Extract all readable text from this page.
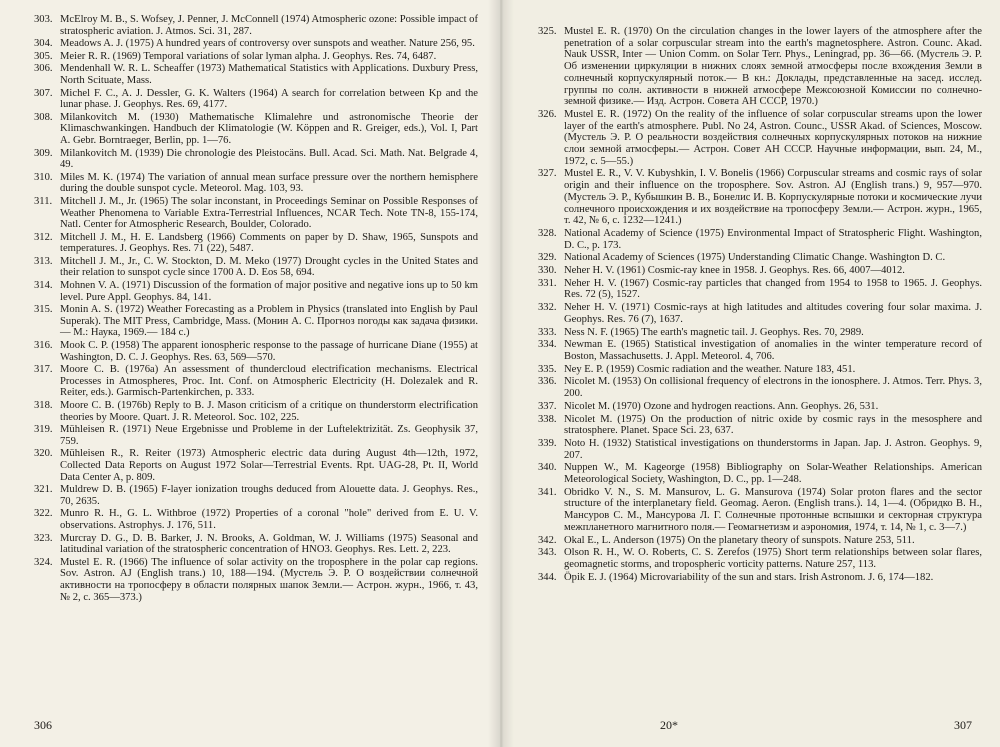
303. McElroy M. B., S. Wofsey, J. Penner, J. McConnell (1974) Atmospheric ozone: Possible impact of stratospheric aviation. J. Atmos. Sci. 31, 287.
304. Meadows A. J. (1975) A hundred years of controversy over sunspots and weather. Nature 256, 95.
305. Meier R. R. (1969) Temporal variations of solar lyman alpha. J. Geophys. Res. 74, 6487.
306. Mendenhall W. R. L. Scheaffer (1973) Mathematical Statistics with Applications. Duxbury Press, North Scituate, Mass.
307. Michel F. C., A. J. Dessler, G. K. Walters (1964) A search for correlation between Kp and the lunar phase. J. Geophys. Res. 69, 4177.
308. Milankovitch M. (1930) Mathematische Klimalehre und astronomische Theorie der Klimaschwankingen. Handbuch der Klimatologie (W. Köppen and R. Greiger, eds.), Vol. I, Part A. Gebr. Borntraeger, Berlin, pp. 1—76.
309. Milankovitch M. (1939) Die chronologie des Pleistocäns. Bull. Acad. Sci. Math. Nat. Belgrade 4, 49.
310. Miles M. K. (1974) The variation of annual mean surface pressure over the northern hemisphere during the double sunspot cycle. Meteorol. Mag. 103, 93.
311. Mitchell J. M., Jr. (1965) The solar inconstant, in Proceedings Seminar on Possible Responses of Weather Phenomena to Variable Extra-Terrestrial Influences, NCAR Tech. Note TN-8, 155-174, Natl. Center for Atmospheric Research, Boulder, Colorado.
312. Mitchell J. M., H. E. Landsberg (1966) Comments on paper by D. Shaw, 1965, Sunspots and temperatures. J. Geophys. Res. 71 (22), 5487.
313. Mitchell J. M., Jr., C. W. Stockton, D. M. Meko (1977) Drought cycles in the United States and their relation to sunspot cycle since 1700 A. D. Eos 58, 694.
314. Mohnen V. A. (1971) Discussion of the formation of major positive and negative ions up to 50 km level. Pure Appl. Geophys. 84, 141.
315. Monin A. S. (1972) Weather Forecasting as a Problem in Physics (translated into English by Paul Superak). The MIT Press, Cambridge, Mass. (Монин А. С. Прогноз погоды как задача физики.— М.: Наука, 1969.— 184 с.)
316. Mook C. P. (1958) The apparent ionospheric response to the passage of hurricane Diane (1955) at Washington, D. C. J. Geophys. Res. 63, 569—570.
317. Moore C. B. (1976a) An assessment of thundercloud electrification mechanisms. Electrical Processes in Atmospheres, Proc. Int. Conf. on Atmospheric Electricity (H. Dolezalek and R. Reiter, eds.). Garmisch-Partenkirchen, p. 333.
318. Moore C. B. (1976b) Reply to B. J. Mason criticism of a critique on thunderstorm electrification theories by Moore. Quart. J. R. Meteorol. Soc. 102, 225.
319. Mühleisen R. (1971) Neue Ergebnisse und Probleme in der Luftelektrizität. Zs. Geophysik 37, 759.
320. Mühleisen R., R. Reiter (1973) Atmospheric electric data during August 4th—12th, 1972, Collected Data Reports on August 1972 Solar—Terrestrial Events. Rpt. UAG-28, Pt. II, World Data Center A, p. 809.
321. Muldrew D. B. (1965) F-layer ionization troughs deduced from Alouette data. J. Geophys. Res., 70, 2635.
322. Munro R. H., G. L. Withbroe (1972) Properties of a coronal "hole" derived from E. U. V. observations. Astrophys. J. 176, 511.
323. Murcray D. G., D. B. Barker, J. N. Brooks, A. Goldman, W. J. Williams (1975) Seasonal and latitudinal variation of the stratospheric concentration of HNO3. Geophys. Res. Lett. 2, 223.
324. Mustel E. R. (1966) The influence of solar activity on the troposphere in the polar cap regions. Sov. Astron. AJ (English trans.) 10, 188—194. (Мустель Э. Р. О воздействии солнечной активности на тропосферу в области полярных шапок Земли.— Астрон. журн., 1966, т. 43, № 2, с. 365—373.)
306
325. Mustel E. R. (1970) On the circulation changes in the lower layers of the atmosphere after the penetration of a solar corpuscular stream into the earth's magnetosphere. Astron. Counc. Akad. Nauk USSR, Inter — Union Comm. on Solar Terr. Phys., Leningrad, pp. 36—66. (Мустель Э. Р. Об изменении циркуляции в нижних слоях земной атмосферы после вхождения Земли в солнечный корпускулярный поток.— В кн.: Доклады, представленные на засед. исслед. группы по солн. активности в нижней атмосфере Межсоюзной Комиссии по солнечно-земной физике.— Изд. Астрон. Совета АН СССР, 1970.)
326. Mustel E. R. (1972) On the reality of the influence of solar corpuscular streams upon the lower layer of the earth's atmosphere. Publ. No 24, Astron. Counc., USSR Akad. of Sciences, Moscow. (Мустель Э. Р. О реальности воздействия солнечных корпускулярных потоков на нижние слои земной атмосферы.— Астрон. Совет АН СССР. Научные информации, вып. 24, М., 1972, с. 5—55.)
327. Mustel E. R., V. V. Kubyshkin, I. V. Bonelis (1966) Corpuscular streams and cosmic rays of solar origin and their influence on the troposphere. Sov. Astron. AJ (English trans.) 9, 957—970. (Мустель Э. Р., Кубышкин В. В., Бонелис И. В. Корпускулярные потоки и космические лучи солнечного происхождения и их воздействие на тропосферу Земли.— Астрон. журн., 1965, т. 42, № 6, с. 1232—1241.)
328. National Academy of Science (1975) Environmental Impact of Stratospheric Flight. Washington, D. C., p. 173.
329. National Academy of Sciences (1975) Understanding Climatic Change. Washington D. C.
330. Neher H. V. (1961) Cosmic-ray knee in 1958. J. Geophys. Res. 66, 4007—4012.
331. Neher H. V. (1967) Cosmic-ray particles that changed from 1954 to 1958 to 1965. J. Geophys. Res. 72 (5), 1527.
332. Neher H. V. (1971) Cosmic-rays at high latitudes and altitudes covering four solar maxima. J. Geophys. Res. 76 (7), 1637.
333. Ness N. F. (1965) The earth's magnetic tail. J. Geophys. Res. 70, 2989.
334. Newman E. (1965) Statistical investigation of anomalies in the winter temperature record of Boston, Massachusetts. J. Appl. Meteorol. 4, 706.
335. Ney E. P. (1959) Cosmic radiation and the weather. Nature 183, 451.
336. Nicolet M. (1953) On collisional frequency of electrons in the ionosphere. J. Atmos. Terr. Phys. 3, 200.
337. Nicolet M. (1970) Ozone and hydrogen reactions. Ann. Geophys. 26, 531.
338. Nicolet M. (1975) On the production of nitric oxide by cosmic rays in the mesosphere and stratosphere. Planet. Space Sci. 23, 637.
339. Noto H. (1932) Statistical investigations on thunderstorms in Japan. Jap. J. Astron. Geophys. 9, 207.
340. Nuppen W., M. Kageorge (1958) Bibliography on Solar-Weather Relationships. American Meteorological Society, Washington, D. C., pp. 1—248.
341. Obridko V. N., S. M. Mansurov, L. G. Mansurova (1974) Solar proton flares and the sector structure of the interplanetary field. Geomag. Aeron. (English trans.). 14, 1—4. (Обридко В. Н., Мансуров С. М., Мансурова Л. Г. Солнечные протонные вспышки и секторная структура межпланетного магнитного поля.— Геомагнетизм и аэрономия, 1974, т. 14, № 1, с. 3—7.)
342. Okal E., L. Anderson (1975) On the planetary theory of sunspots. Nature 253, 511.
343. Olson R. H., W. O. Roberts, C. S. Zerefos (1975) Short term relationships between solar flares, geomagnetic storms, and tropospheric vorticity patterns. Nature 257, 113.
344. Öpik E. J. (1964) Microvariability of the sun and stars. Irish Astronom. J. 6, 174—182.
20*	307
